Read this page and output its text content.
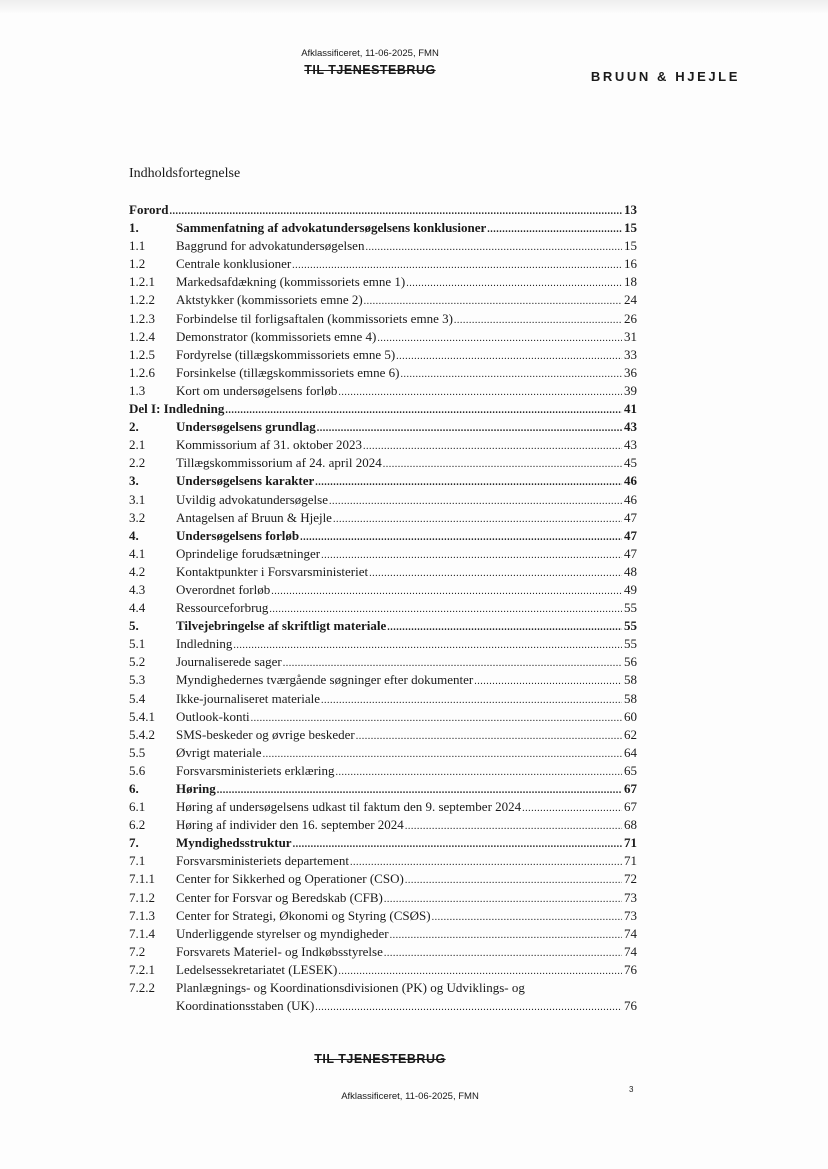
Afklassificeret, 11-06-2025, FMN
TIL TJENESTEBRUG	BRUUN & HJEJLE
Indholdsfortegnelse
Forord .....	13
1.	Sammenfatning af advokatundersøgelsens konklusioner .....	15
1.1	Baggrund for advokatundersøgelsen .....	15
1.2	Centrale konklusioner .....	16
1.2.1	Markedsafdækning (kommissoriets emne 1) .....	18
1.2.2	Aktstykker (kommissoriets emne 2) .....	24
1.2.3	Forbindelse til forligsaftalen (kommissoriets emne 3) .....	26
1.2.4	Demonstrator (kommissoriets emne 4) .....	31
1.2.5	Fordyrelse (tillægskommissoriets emne 5) .....	33
1.2.6	Forsinkelse (tillægskommissoriets emne 6) .....	36
1.3	Kort om undersøgelsens forløb .....	39
Del I: Indledning .....	41
2.	Undersøgelsens grundlag .....	43
2.1	Kommissorium af 31. oktober 2023 .....	43
2.2	Tillægskommissorium af 24. april 2024 .....	45
3.	Undersøgelsens karakter .....	46
3.1	Uvildig advokatundersøgelse .....	46
3.2	Antagelsen af Bruun & Hjejle .....	47
4.	Undersøgelsens forløb .....	47
4.1	Oprindelige forudsætninger .....	47
4.2	Kontaktpunkter i Forsvarsministeriet .....	48
4.3	Overordnet forløb .....	49
4.4	Ressourceforbrug .....	55
5.	Tilvejebringelse af skriftligt materiale .....	55
5.1	Indledning .....	55
5.2	Journaliserede sager .....	56
5.3	Myndighedernes tværgående søgninger efter dokumenter .....	58
5.4	Ikke-journaliseret materiale .....	58
5.4.1	Outlook-konti .....	60
5.4.2	SMS-beskeder og øvrige beskeder .....	62
5.5	Øvrigt materiale .....	64
5.6	Forsvarsministeriets erklæring .....	65
6.	Høring .....	67
6.1	Høring af undersøgelsens udkast til faktum den 9. september 2024 .....	67
6.2	Høring af individer den 16. september 2024 .....	68
7.	Myndighedsstruktur .....	71
7.1	Forsvarsministeriets departement .....	71
7.1.1	Center for Sikkerhed og Operationer (CSO) .....	72
7.1.2	Center for Forsvar og Beredskab (CFB) .....	73
7.1.3	Center for Strategi, Økonomi og Styring (CSØS) .....	73
7.1.4	Underliggende styrelser og myndigheder .....	74
7.2	Forsvarets Materiel- og Indkøbsstyrelse .....	74
7.2.1	Ledelsessekretariatet (LESEK) .....	76
7.2.2	Planlægnings- og Koordinationsdivisionen (PK) og Udviklings- og
Koordinationsstaben (UK) .....	76
TIL TJENESTEBRUG
3
Afklassificeret, 11-06-2025, FMN
